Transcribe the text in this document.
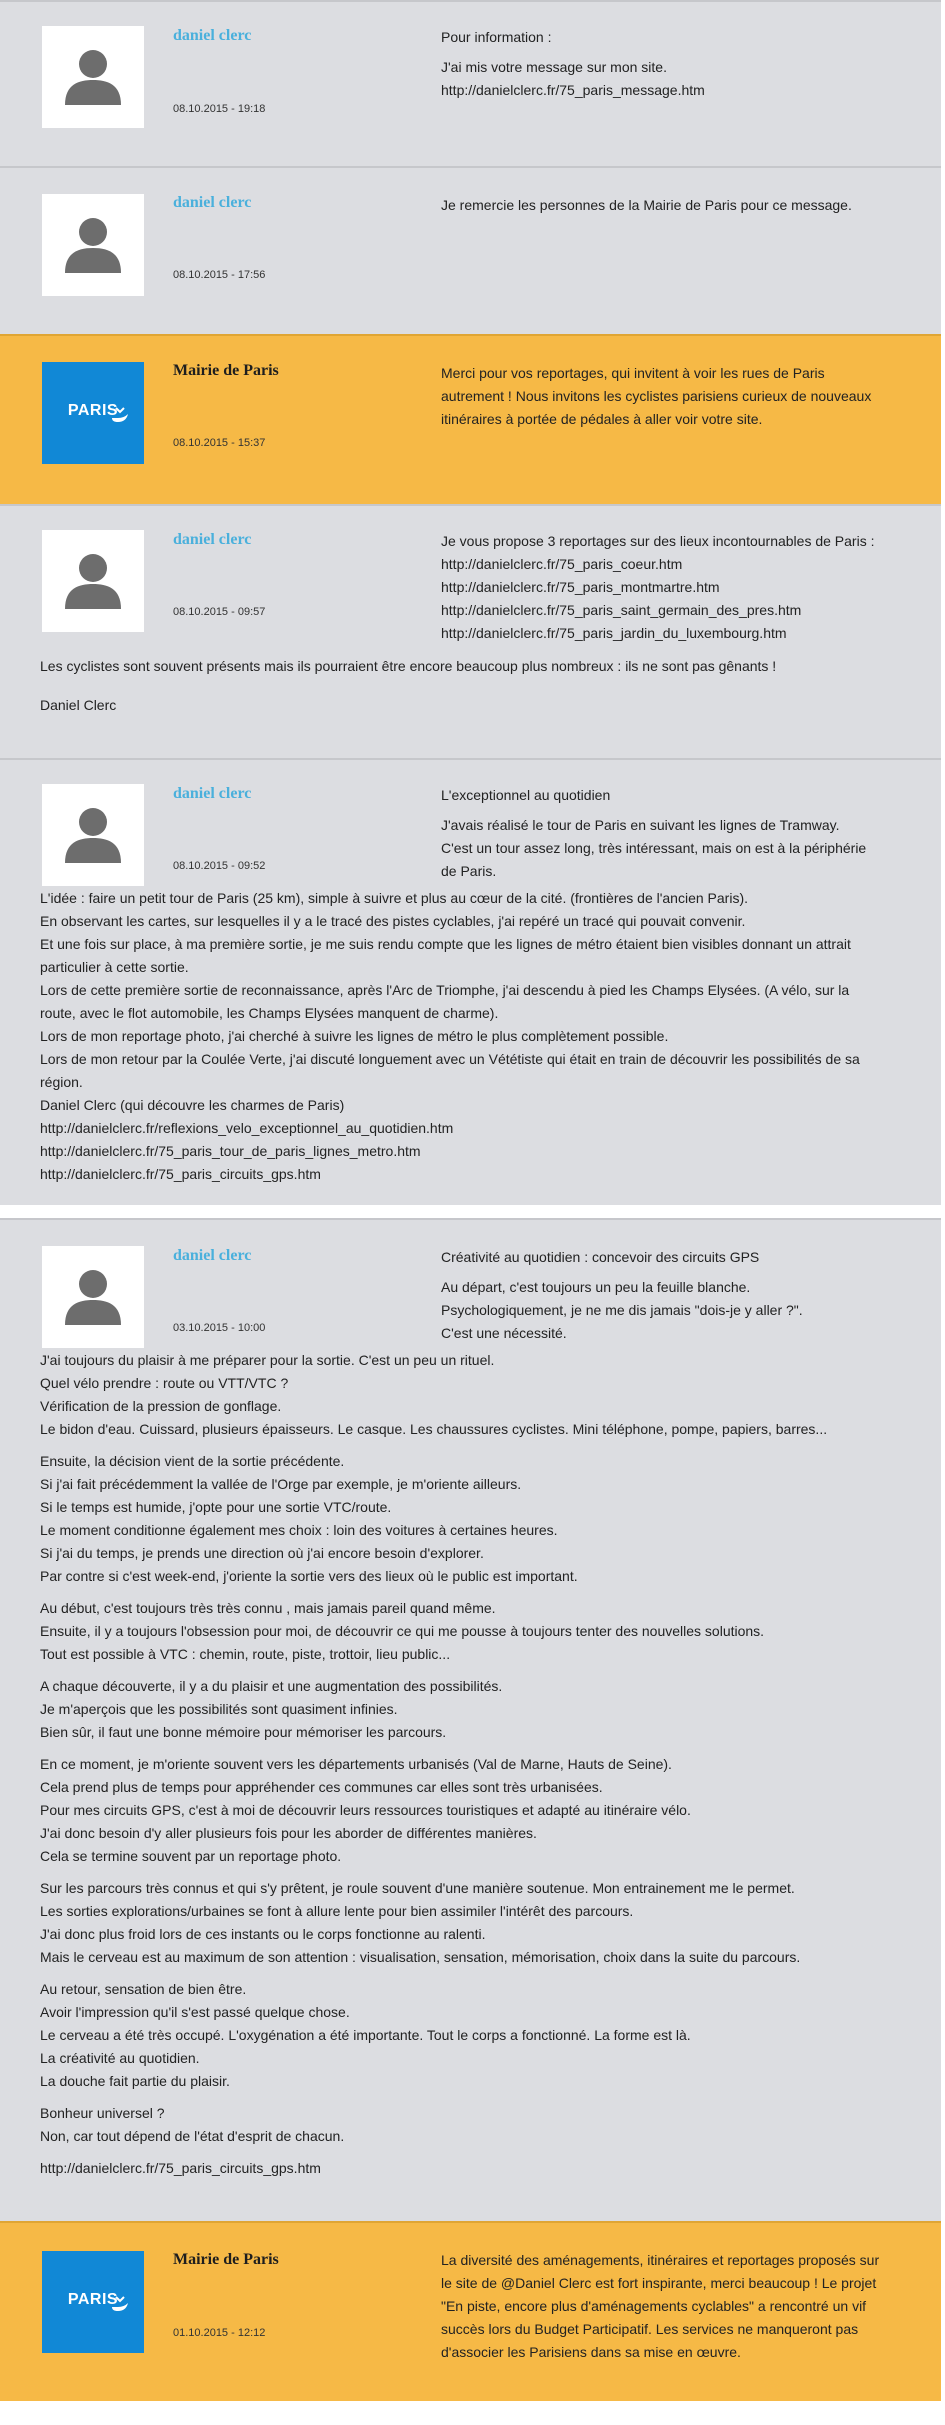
daniel clerc
08.10.2015 - 19:18

Pour information :

J'ai mis votre message sur mon site.
http://danielclerc.fr/75_paris_message.htm

daniel clerc
08.10.2015 - 17:56

Je remercie les personnes de la Mairie de Paris pour ce message.

PARIS
Mairie de Paris
08.10.2015 - 15:37

Merci pour vos reportages, qui invitent à voir les rues de Paris
autrement ! Nous invitons les cyclistes parisiens curieux de nouveaux
itinéraires à portée de pédales à aller voir votre site.

daniel clerc
08.10.2015 - 09:57

Je vous propose 3 reportages sur des lieux incontournables de Paris :
http://danielclerc.fr/75_paris_coeur.htm
http://danielclerc.fr/75_paris_montmartre.htm
http://danielclerc.fr/75_paris_saint_germain_des_pres.htm
http://danielclerc.fr/75_paris_jardin_du_luxembourg.htm

Les cyclistes sont souvent présents mais ils pourraient être encore beaucoup plus nombreux : ils ne sont pas gênants !
Daniel Clerc
daniel clerc
08.10.2015 - 09:52

L'exceptionnel au quotidien

J'avais réalisé le tour de Paris en suivant les lignes de Tramway.
C'est un tour assez long, très intéressant, mais on est à la périphérie
de Paris.

L'idée : faire un petit tour de Paris (25 km), simple à suivre et plus au cœur de la cité. (frontières de l'ancien Paris).
En observant les cartes, sur lesquelles il y a le tracé des pistes cyclables, j'ai repéré un tracé qui pouvait convenir.
Et une fois sur place, à ma première sortie, je me suis rendu compte que les lignes de métro étaient bien visibles donnant un attrait
particulier à cette sortie.
Lors de cette première sortie de reconnaissance, après l'Arc de Triomphe, j'ai descendu à pied les Champs Elysées. (A vélo, sur la
route, avec le flot automobile, les Champs Elysées manquent de charme).
Lors de mon reportage photo, j'ai cherché à suivre les lignes de métro le plus complètement possible.
Lors de mon retour par la Coulée Verte, j'ai discuté longuement avec un Vététiste qui était en train de découvrir les possibilités de sa
région.
Daniel Clerc (qui découvre les charmes de Paris)
http://danielclerc.fr/reflexions_velo_exceptionnel_au_quotidien.htm
http://danielclerc.fr/75_paris_tour_de_paris_lignes_metro.htm
http://danielclerc.fr/75_paris_circuits_gps.htm
daniel clerc
03.10.2015 - 10:00

Créativité au quotidien : concevoir des circuits GPS

Au départ, c'est toujours un peu la feuille blanche.
Psychologiquement, je ne me dis jamais "dois-je y aller ?".
C'est une nécessité.

J'ai toujours du plaisir à me préparer pour la sortie. C'est un peu un rituel.
Quel vélo prendre : route ou VTT/VTC ?
Vérification de la pression de gonflage.
Le bidon d'eau. Cuissard, plusieurs épaisseurs. Le casque. Les chaussures cyclistes. Mini téléphone, pompe, papiers, barres...
Ensuite, la décision vient de la sortie précédente.
Si j'ai fait précédemment la vallée de l'Orge par exemple, je m'oriente ailleurs.
Si le temps est humide, j'opte pour une sortie VTC/route.
Le moment conditionne également mes choix : loin des voitures à certaines heures.
Si j'ai du temps, je prends une direction où j'ai encore besoin d'explorer.
Par contre si c'est week-end, j'oriente la sortie vers des lieux où le public est important.
Au début, c'est toujours très très connu , mais jamais pareil quand même.
Ensuite, il y a toujours l'obsession pour moi, de découvrir ce qui me pousse à toujours tenter des nouvelles solutions.
Tout est possible à VTC : chemin, route, piste, trottoir, lieu public...
A chaque découverte, il y a du plaisir et une augmentation des possibilités.
Je m'aperçois que les possibilités sont quasiment infinies.
Bien sûr, il faut une bonne mémoire pour mémoriser les parcours.
En ce moment, je m'oriente souvent vers les départements urbanisés (Val de Marne, Hauts de Seine).
Cela prend plus de temps pour appréhender ces communes car elles sont très urbanisées.
Pour mes circuits GPS, c'est à moi de découvrir leurs ressources touristiques et adapté au itinéraire vélo.
J'ai donc besoin d'y aller plusieurs fois pour les aborder de différentes manières.
Cela se termine souvent par un reportage photo.
Sur les parcours très connus et qui s'y prêtent, je roule souvent d'une manière soutenue. Mon entrainement me le permet.
Les sorties explorations/urbaines se font à allure lente pour bien assimiler l'intérêt des parcours.
J'ai donc plus froid lors de ces instants ou le corps fonctionne au ralenti.
Mais le cerveau est au maximum de son attention : visualisation, sensation, mémorisation, choix dans la suite du parcours.
Au retour, sensation de bien être.
Avoir l'impression qu'il s'est passé quelque chose.
Le cerveau a été très occupé. L'oxygénation a été importante. Tout le corps a fonctionné. La forme est là.
La créativité au quotidien.
La douche fait partie du plaisir.
Bonheur universel ?
Non, car tout dépend de l'état d'esprit de chacun.
http://danielclerc.fr/75_paris_circuits_gps.htm
PARIS
Mairie de Paris
01.10.2015 - 12:12

La diversité des aménagements, itinéraires et reportages proposés sur
le site de @Daniel Clerc est fort inspirante, merci beaucoup ! Le projet
"En piste, encore plus d'aménagements cyclables" a rencontré un vif
succès lors du Budget Participatif. Les services ne manqueront pas
d'associer les Parisiens dans sa mise en œuvre.
